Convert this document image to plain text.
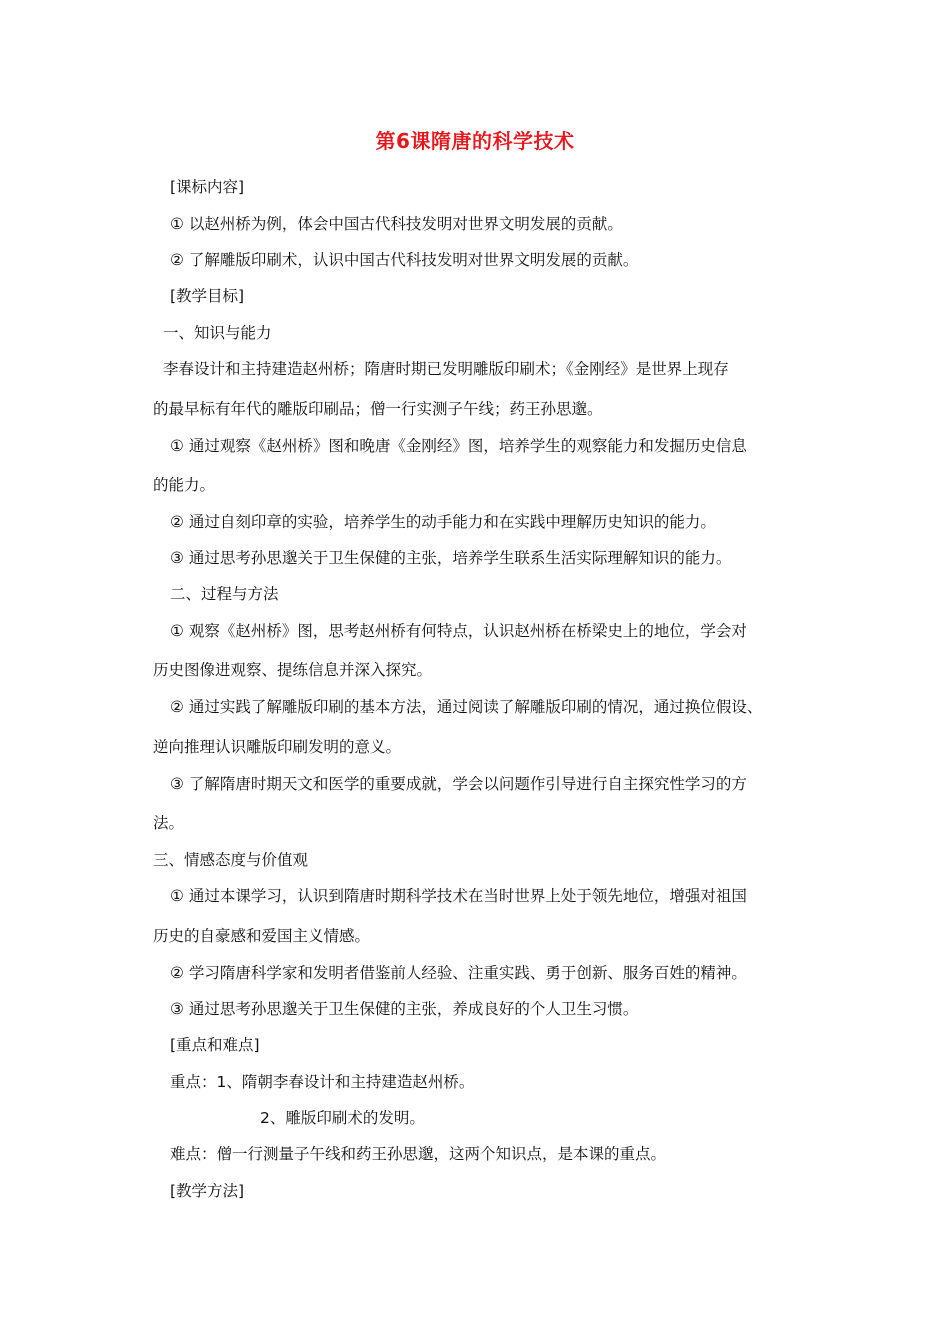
第6课隋唐的科学技术
[课标内容]
① 以赵州桥为例，体会中国古代科技发明对世界文明发展的贡献。
② 了解雕版印刷术，认识中国古代科技发明对世界文明发展的贡献。
[教学目标]
一、知识与能力
李春设计和主持建造赵州桥；隋唐时期已发明雕版印刷术；《金刚经》是世界上现存
的最早标有年代的雕版印刷品；僧一行实测子午线；药王孙思邈。
① 通过观察《赵州桥》图和晚唐《金刚经》图，培养学生的观察能力和发掘历史信息
的能力。
② 通过自刻印章的实验，培养学生的动手能力和在实践中理解历史知识的能力。
③ 通过思考孙思邈关于卫生保健的主张，培养学生联系生活实际理解知识的能力。
二、过程与方法
① 观察《赵州桥》图，思考赵州桥有何特点，认识赵州桥在桥梁史上的地位，学会对
历史图像进观察、提练信息并深入探究。
② 通过实践了解雕版印刷的基本方法，通过阅读了解雕版印刷的情况，通过换位假设、
逆向推理认识雕版印刷发明的意义。
③ 了解隋唐时期天文和医学的重要成就，学会以问题作引导进行自主探究性学习的方
法。
三、情感态度与价值观
① 通过本课学习，认识到隋唐时期科学技术在当时世界上处于领先地位，增强对祖国
历史的自豪感和爱国主义情感。
② 学习隋唐科学家和发明者借鉴前人经验、注重实践、勇于创新、服务百姓的精神。
③ 通过思考孙思邈关于卫生保健的主张，养成良好的个人卫生习惯。
[重点和难点]
重点：1、隋朝李春设计和主持建造赵州桥。
2、雕版印刷术的发明。
难点：僧一行测量子午线和药王孙思邈，这两个知识点，是本课的重点。
[教学方法]
